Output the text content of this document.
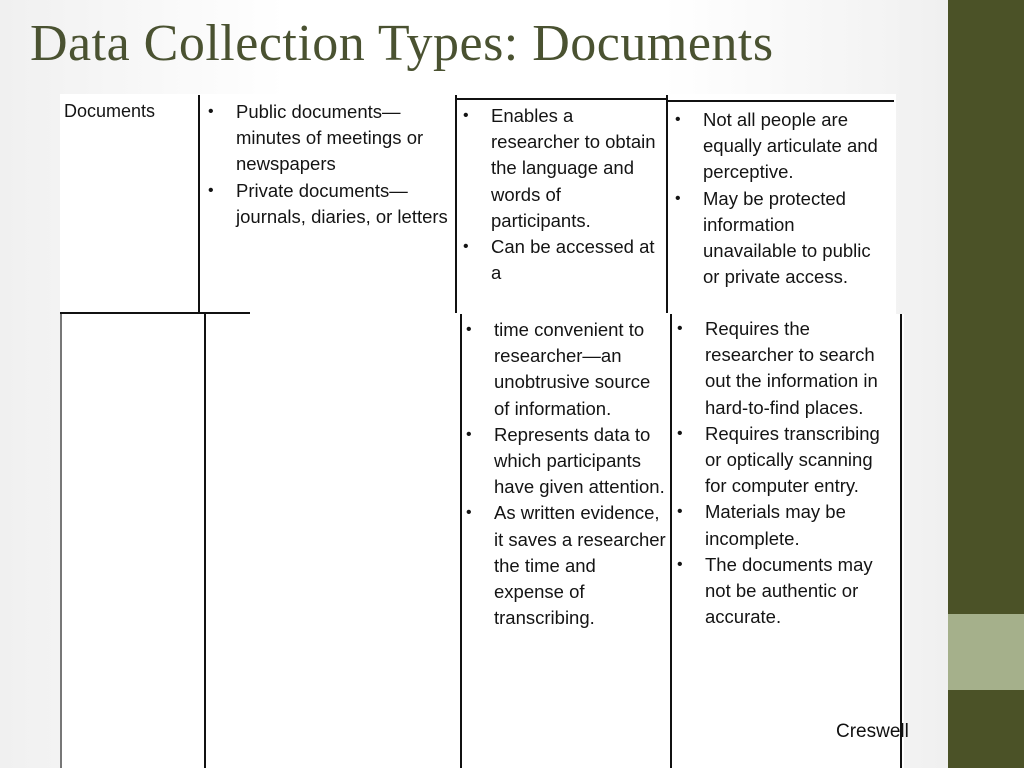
Data Collection Types: Documents

Documents

•	Public documents—minutes of meetings or newspapers
• Private documents—journals, diaries, or letters
• Enables a researcher to obtain the language and words of participants.
• Can be accessed at a
• Not all people are equally articulate and perceptive.
• May be protected information unavailable to public or private access.
• time convenient to researcher—an unobtrusive source of information.
• Represents data to which participants have given attention.
• As written evidence, it saves a researcher the time and expense of transcribing.
• Requires the researcher to search out the information in hard-to-find places.
• Requires transcribing or optically scanning for computer entry.
• Materials may be incomplete.
• The documents may not be authentic or accurate.
Creswell
